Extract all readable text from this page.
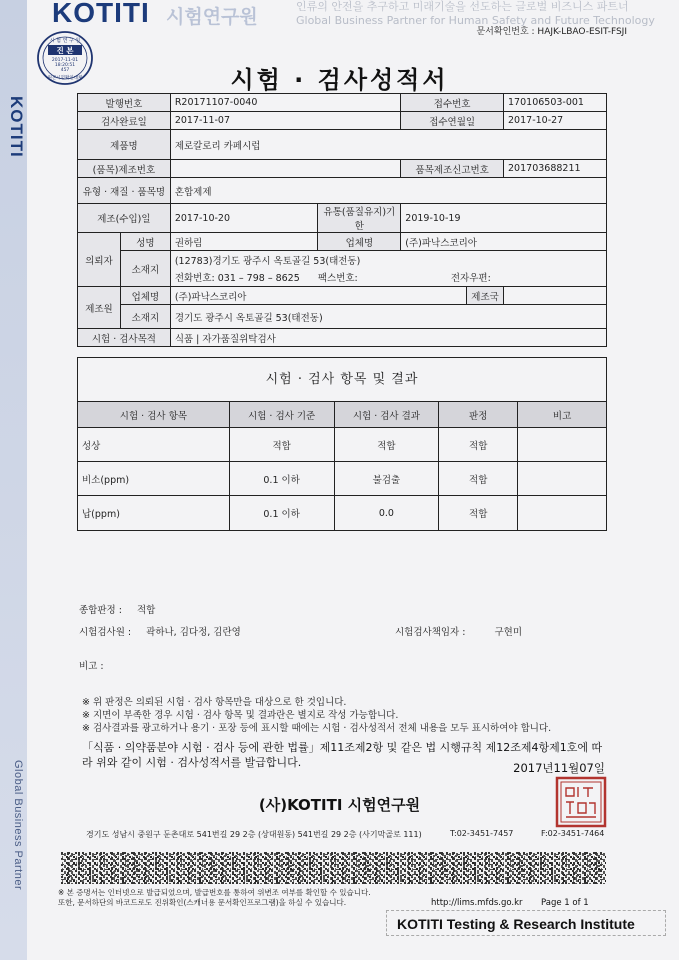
KOTITI
Global Business Partner
KOTITI 시험연구원	인류의 안전을 추구하고 미래기술을 선도하는 글로벌 비즈니스 파트너
Global Business Partner for Human Safety and Future Technology
문서확인번호 : HAJK-LBAO-ESIT-FSJI
시 험 연 구 원
진 본
2017-11-01
18:20:51
457
원본시험확인대체	시험 · 검사성적서
발행번호		R20171107-0040		접수번호		170106503-001
검사완료일		2017-11-07		접수연월일		2017-10-27
제품명		제로칼로리 카페시럽				
(품목)제조번호				품목제조신고번호		201703688211
유형 · 재질 · 품목명		혼합제제				
제조(수입)일		2017-10-20	유통(품질유지)기한	2019-10-19		
의뢰자	성명	권하림	업체명	(주)파낙스코리아		
	소재지	(12783)경기도 광주시 옥토골길 53(태전동)				
		전화번호: 031 – 798 – 8625 팩스번호: 전자우편:				
제조원	업체명	(주)파낙스코리아			제조국	
	소재지	경기도 광주시 옥토골길 53(태전동)				
시험 · 검사목적		식품 | 자가품질위탁검사				
시험 · 검사 항목 및 결과
시험 · 검사 항목	시험 · 검사 기준	시험 · 검사 결과	판정	비고
성상	적합	적합	적합	
비소(ppm)	0.1 이하	불검출	적합	
납(ppm)	0.1 이하	0.0	적합	
종합판정 : 적합
시험검사원 : 곽하나, 김다정, 김란영	시험검사책임자 :	구현미
비고 :
※ 위 판정은 의뢰된 시험 · 검사 항목만을 대상으로 한 것입니다.
※ 지면이 부족한 경우 시험 · 검사 항목 및 결과란은 별지로 작성 가능합니다.
※ 검사결과를 광고하거나 용기 · 포장 등에 표시할 때에는 시험 · 검사성적서 전체 내용을 모두 표시하여야 합니다.
「식품 · 의약품분야 시험 · 검사 등에 관한 법률」제11조제2항 및 같은 법 시행규칙 제12조제4항제1호에 따라 위와 같이 시험 · 검사성적서를 발급합니다.	2017년11월07일
(사)KOTITI 시험연구원
경기도 성남시 중원구 둔촌대로 541번길 29 2층 (상대원동) 541번길 29 2층 (사기막골로 111)	T:02-3451-7457	F:02-3451-7464
※ 본 증명서는 인터넷으로 발급되었으며, 발급번호를 통하여 위변조 여부를 확인할 수 있습니다.
또한, 문서하단의 바코드로도 진위확인(스캐너용 문서확인프로그램)을 하실 수 있습니다.	http://lims.mfds.go.kr Page 1 of 1
KOTITI Testing & Research Institute
